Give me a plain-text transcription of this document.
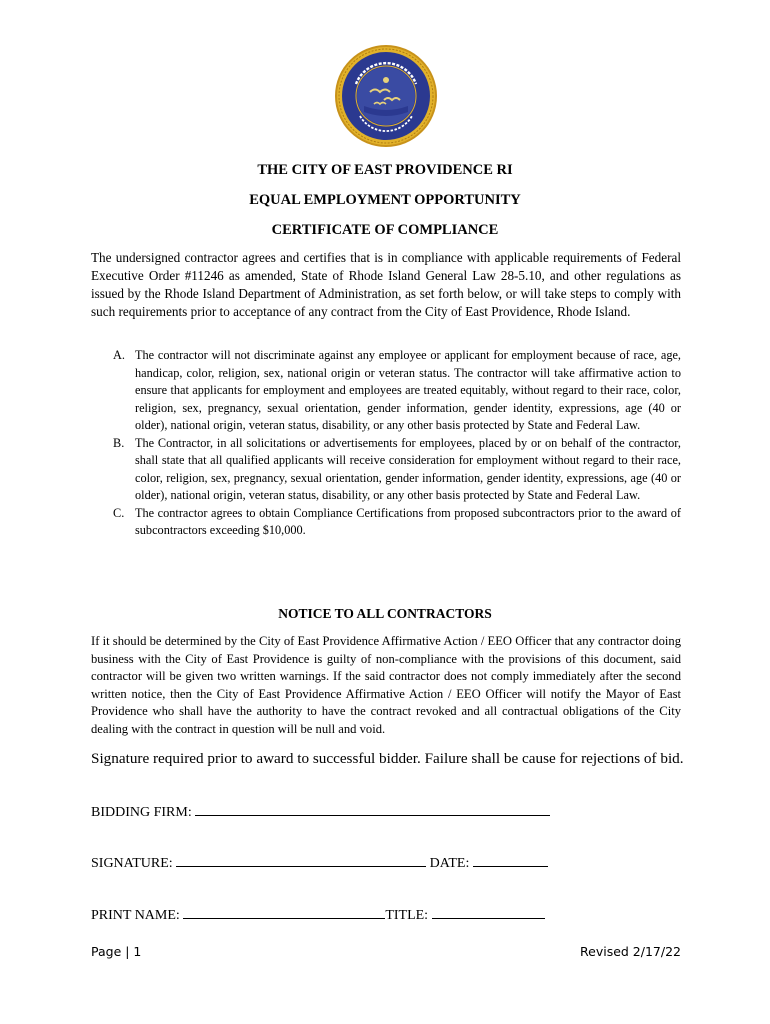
THE CITY OF EAST PROVIDENCE RI
EQUAL EMPLOYMENT OPPORTUNITY
CERTIFICATE OF COMPLIANCE

The undersigned contractor agrees and certifies that is in compliance with applicable requirements of Federal Executive Order #11246 as amended, State of Rhode Island General Law 28-5.10, and other regulations as issued by the Rhode Island Department of Administration, as set forth below, or will take steps to comply with such requirements prior to acceptance of any contract from the City of East Providence, Rhode Island.

A. The contractor will not discriminate against any employee or applicant for employment because of race, age, handicap, color, religion, sex, national origin or veteran status. The contractor will take affirmative action to ensure that applicants for employment and employees are treated equitably, without regard to their race, color, religion, sex, pregnancy, sexual orientation, gender information, gender identity, expressions, age (40 or older), national origin, veteran status, disability, or any other basis protected by State and Federal Law.
B. The Contractor, in all solicitations or advertisements for employees, placed by or on behalf of the contractor, shall state that all qualified applicants will receive consideration for employment without regard to their race, color, religion, sex, pregnancy, sexual orientation, gender information, gender identity, expressions, age (40 or older), national origin, veteran status, disability, or any other basis protected by State and Federal Law.
C. The contractor agrees to obtain Compliance Certifications from proposed subcontractors prior to the award of subcontractors exceeding $10,000.
NOTICE TO ALL CONTRACTORS

If it should be determined by the City of East Providence Affirmative Action / EEO Officer that any contractor doing business with the City of East Providence is guilty of non-compliance with the provisions of this document, said contractor will be given two written warnings. If the said contractor does not comply immediately after the second written notice, then the City of East Providence Affirmative Action / EEO Officer will notify the Mayor of East Providence who shall have the authority to have the contract revoked and all contractual obligations of the City dealing with the contract in question will be null and void.

Signature required prior to award to successful bidder. Failure shall be cause for rejections of bid.

BIDDING FIRM:
SIGNATURE:	DATE:
PRINT NAME:	TITLE:
Page | 1	Revised 2/17/22
